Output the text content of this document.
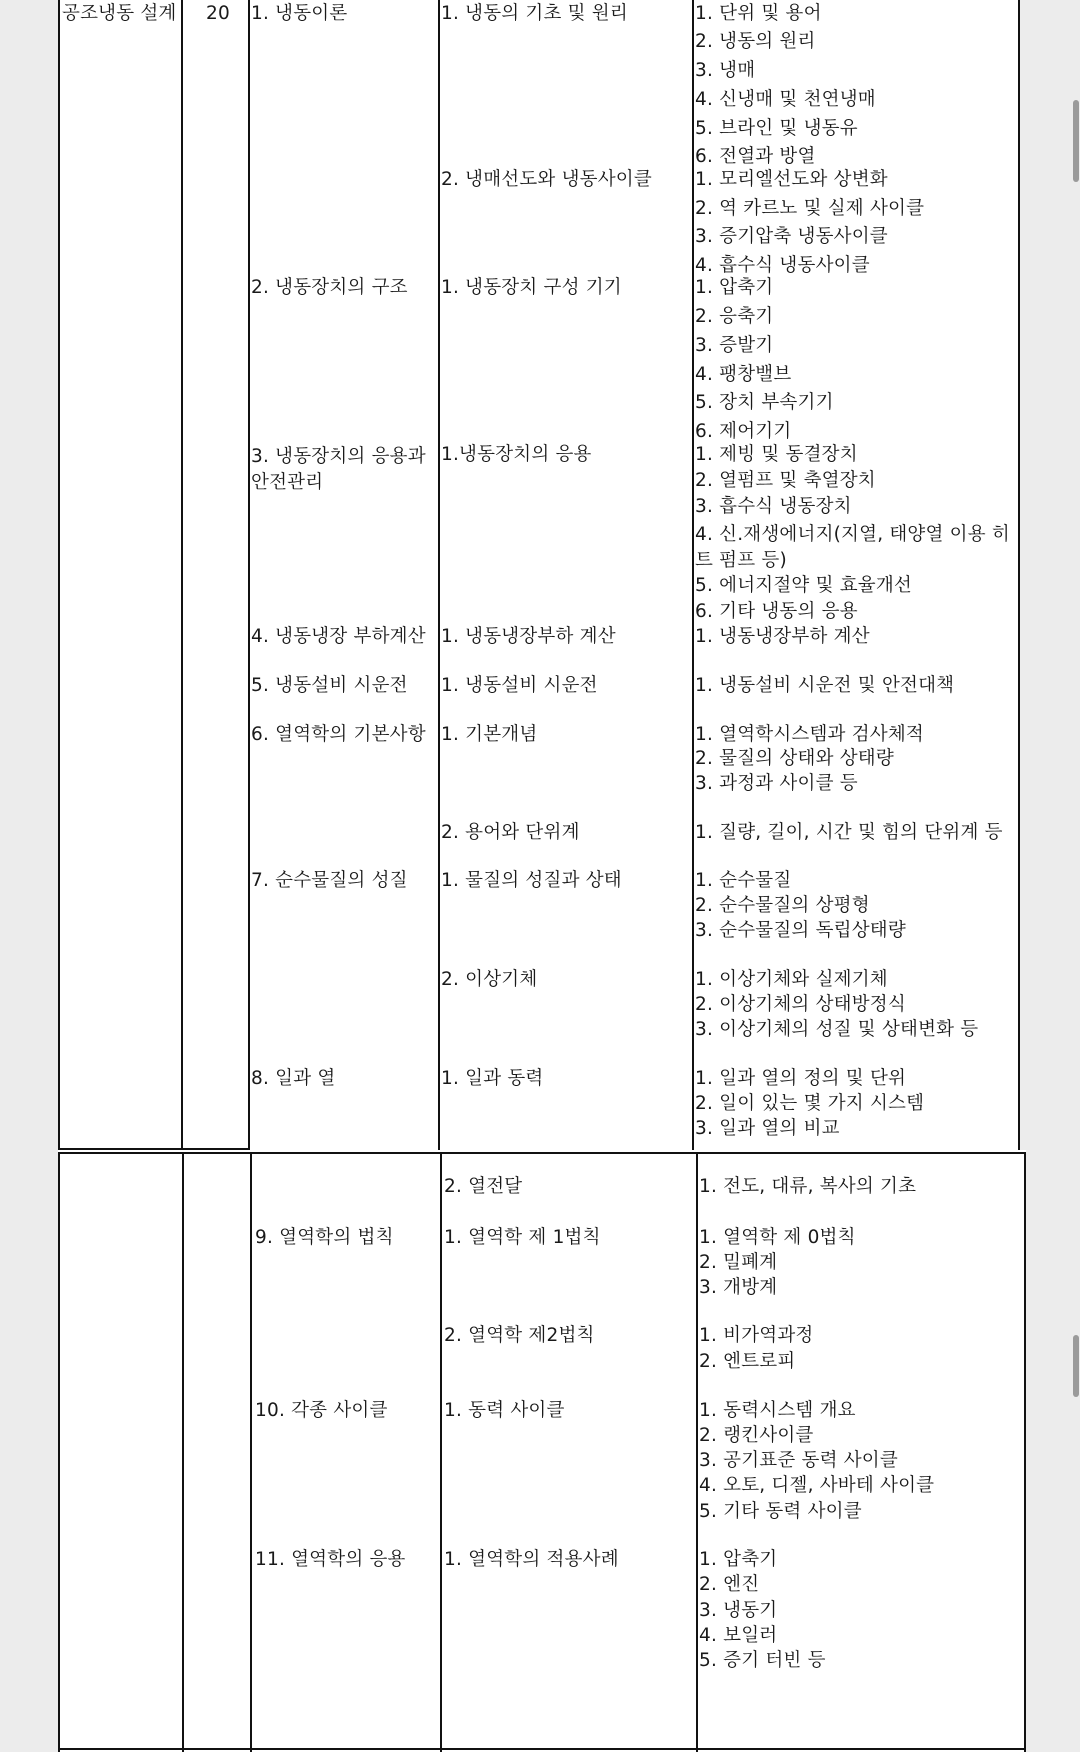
공조냉동 설계 20 1. 냉동이론
2. 냉동장치의 구조
3. 냉동장치의 응용과 안전관리
4. 냉동냉장 부하계산
5. 냉동설비 시운전
6. 열역학의 기본사항
7. 순수물질의 성질
8. 일과 열
1. 냉동의 기초 및 원리
2. 냉매선도와 냉동사이클
1. 냉동장치 구성 기기
1.냉동장치의 응용
1. 냉동냉장부하 계산
1. 냉동설비 시운전
1. 기본개념
2. 용어와 단위계
1. 물질의 성질과 상태
2. 이상기체
1. 일과 동력
1. 단위 및 용어
2. 냉동의 원리
3. 냉매
4. 신냉매 및 천연냉매
5. 브라인 및 냉동유
6. 전열과 방열
1. 모리엘선도와 상변화
2. 역 카르노 및 실제 사이클
3. 증기압축 냉동사이클
4. 흡수식 냉동사이클
1. 압축기
2. 응축기
3. 증발기
4. 팽창밸브
5. 장치 부속기기
6. 제어기기
1. 제빙 및 동결장치
2. 열펌프 및 축열장치
3. 흡수식 냉동장치
4. 신.재생에너지(지열, 태양열 이용 히트 펌프 등)
5. 에너지절약 및 효율개선
6. 기타 냉동의 응용
1. 냉동냉장부하 계산
1. 냉동설비 시운전 및 안전대책
1. 열역학시스템과 검사체적
2. 물질의 상태와 상태량
3. 과정과 사이클 등
1. 질량, 길이, 시간 및 힘의 단위계 등
1. 순수물질
2. 순수물질의 상평형
3. 순수물질의 독립상태량
1. 이상기체와 실제기체
2. 이상기체의 상태방정식
3. 이상기체의 성질 및 상태변화 등
1. 일과 열의 정의 및 단위
2. 일이 있는 몇 가지 시스템
3. 일과 열의 비교
9. 열역학의 법칙
10. 각종 사이클
11. 열역학의 응용
2. 열전달
1. 열역학 제 1법칙
2. 열역학 제2법칙
1. 동력 사이클
1. 열역학의 적용사례
1. 전도, 대류, 복사의 기초
1. 열역학 제 0법칙
2. 밀폐계
3. 개방계
1. 비가역과정
2. 엔트로피
1. 동력시스템 개요
2. 랭킨사이클
3. 공기표준 동력 사이클
4. 오토, 디젤, 사바테 사이클
5. 기타 동력 사이클
1. 압축기
2. 엔진
3. 냉동기
4. 보일러
5. 증기 터빈 등
